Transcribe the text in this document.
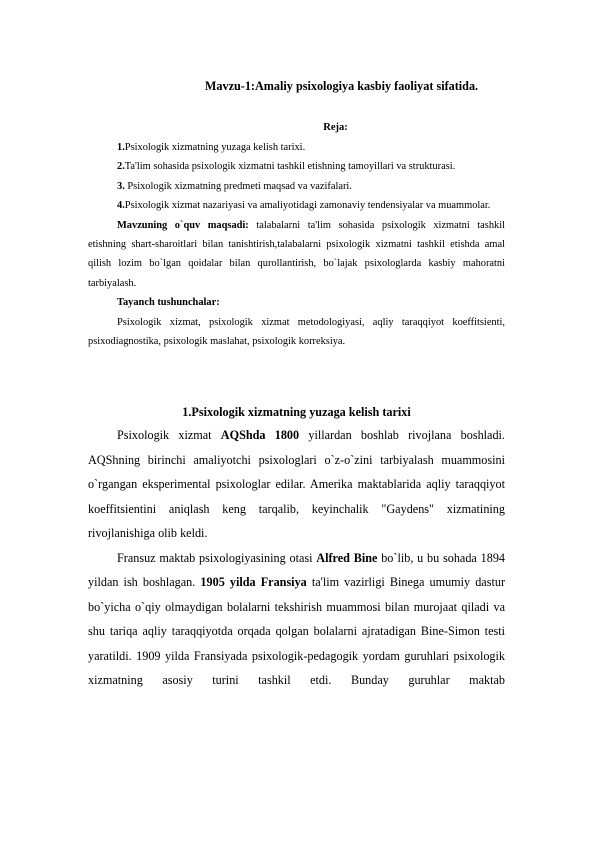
Mavzu-1:Amaliy psixologiya kasbiy faoliyat sifatida.
Reja:

1.Psixologik xizmatning yuzaga kelish tarixi.

2.Ta'lim sohasida psixologik xizmatni tashkil etishning tamoyillari va strukturasi.

3. Psixologik xizmatning predmeti maqsad va vazifalari.

4.Psixologik xizmat nazariyasi va amaliyotidagi zamonaviy tendensiyalar va muammolar.

Mavzuning o`quv maqsadi: talabalarni ta'lim sohasida psixologik xizmatni tashkil etishning shart-sharoitlari bilan tanishtirish,talabalarni psixologik xizmatni tashkil etishda amal qilish lozim bo`lgan qoidalar bilan qurollantirish, bo`lajak psixologlarda kasbiy mahoratni tarbiyalash.

Tayanch tushunchalar:

Psixologik xizmat, psixologik xizmat metodologiyasi, aqliy taraqqiyot koeffitsienti, psixodiagnostika, psixologik maslahat, psixologik korreksiya.

1.Psixologik xizmatning yuzaga kelish tarixi

Psixologik xizmat AQShda 1800 yillardan boshlab rivojlana boshladi. AQShning birinchi amaliyotchi psixologlari o`z-o`zini tarbiyalash muammosini o`rgangan eksperimental psixologlar edilar. Amerika maktablarida aqliy taraqqiyot koeffitsientini aniqlash keng tarqalib, keyinchalik "Gaydens" xizmatining rivojlanishiga olib keldi.

Fransuz maktab psixologiyasining otasi Alfred Bine bo`lib, u bu sohada 1894 yildan ish boshlagan. 1905 yilda Fransiya ta'lim vazirligi Binega umumiy dastur bo`yicha o`qiy olmaydigan bolalarni tekshirish muammosi bilan murojaat qiladi va shu tariqa aqliy taraqqiyotda orqada qolgan bolalarni ajratadigan Bine-Simon testi yaratildi. 1909 yilda Fransiyada psixologik-pedagogik yordam guruhlari psixologik xizmatning asosiy turini tashkil etdi. Bunday guruhlar maktab
